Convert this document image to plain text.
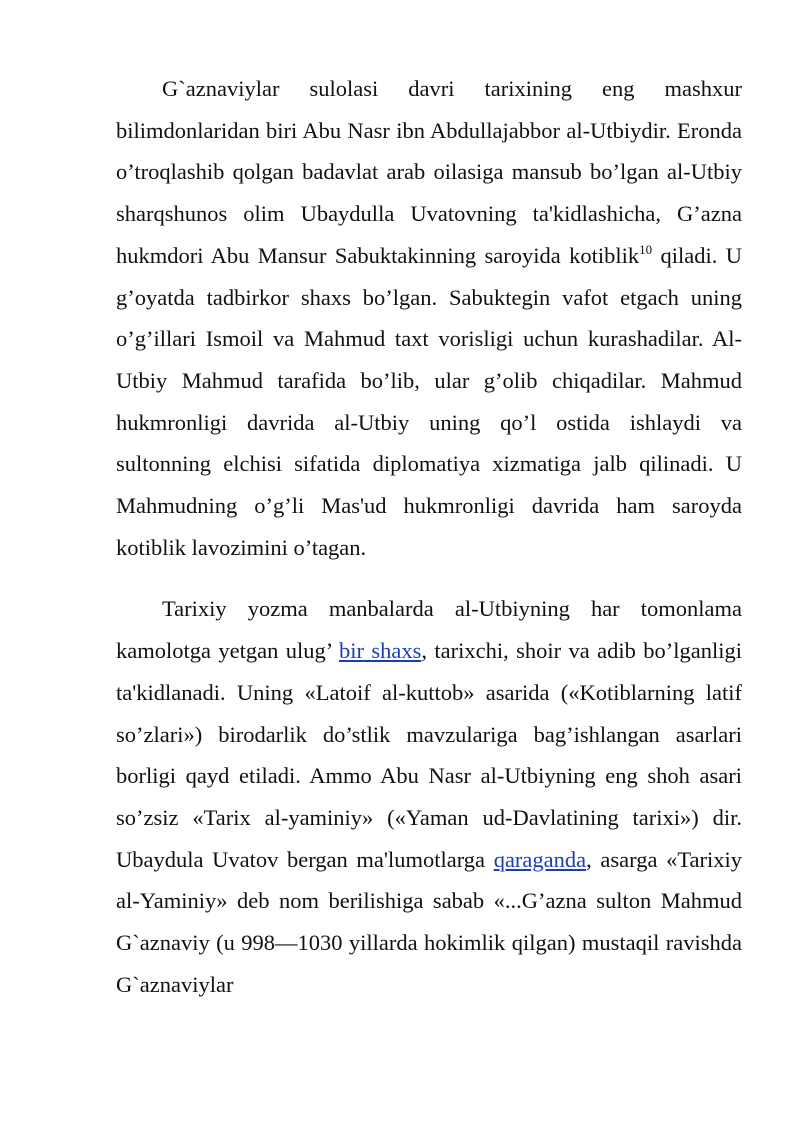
G`aznaviylar sulolasi davri tarixining eng mashxur bilimdonlaridan biri Abu Nasr ibn Abdullajabbor al-Utbiydir. Eronda o’troqlashib qolgan badavlat arab oilasiga mansub bo’lgan al-Utbiy sharqshunos olim Ubaydulla Uvatovning ta'kidlashicha, G’azna hukmdori Abu Mansur Sabuktakinning saroyida kotiblik$^{10}$ qiladi. U g’oyatda tadbirkor shaxs bo’lgan. Sabuktegin vafot etgach uning o’g’illari Ismoil va Mahmud taxt vorisligi uchun kurashadilar. Al-Utbiy Mahmud tarafida bo’lib, ular g’olib chiqadilar. Mahmud hukmronligi davrida al-Utbiy uning qo’l ostida ishlaydi va sultonning elchisi sifatida diplomatiya xizmatiga jalb qilinadi. U Mahmudning o’g’li Mas'ud hukmronligi davrida ham saroyda kotiblik lavozimini o’tagan.

Tarixiy yozma manbalarda al-Utbiyning har tomonlama kamolotga yetgan ulug’ bir shaxs, tarixchi, shoir va adib bo’lganligi ta'kidlanadi. Uning «Latoif al-kuttob» asarida («Kotiblarning latif so’zlari») birodarlik do’stlik mavzulariga bag’ishlangan asarlari borligi qayd etiladi. Ammo Abu Nasr al-Utbiyning eng shoh asari so’zsiz «Tarix al-yaminiy» («Yaman ud-Davlatining tarixi») dir. Ubaydula Uvatov bergan ma'lumotlarga qaraganda, asarga «Tarixiy al-Yaminiy» deb nom berilishiga sabab «...G’azna sulton Mahmud G`aznaviy (u 998—1030 yillarda hokimlik qilgan) mustaqil ravishda G`aznaviylar
